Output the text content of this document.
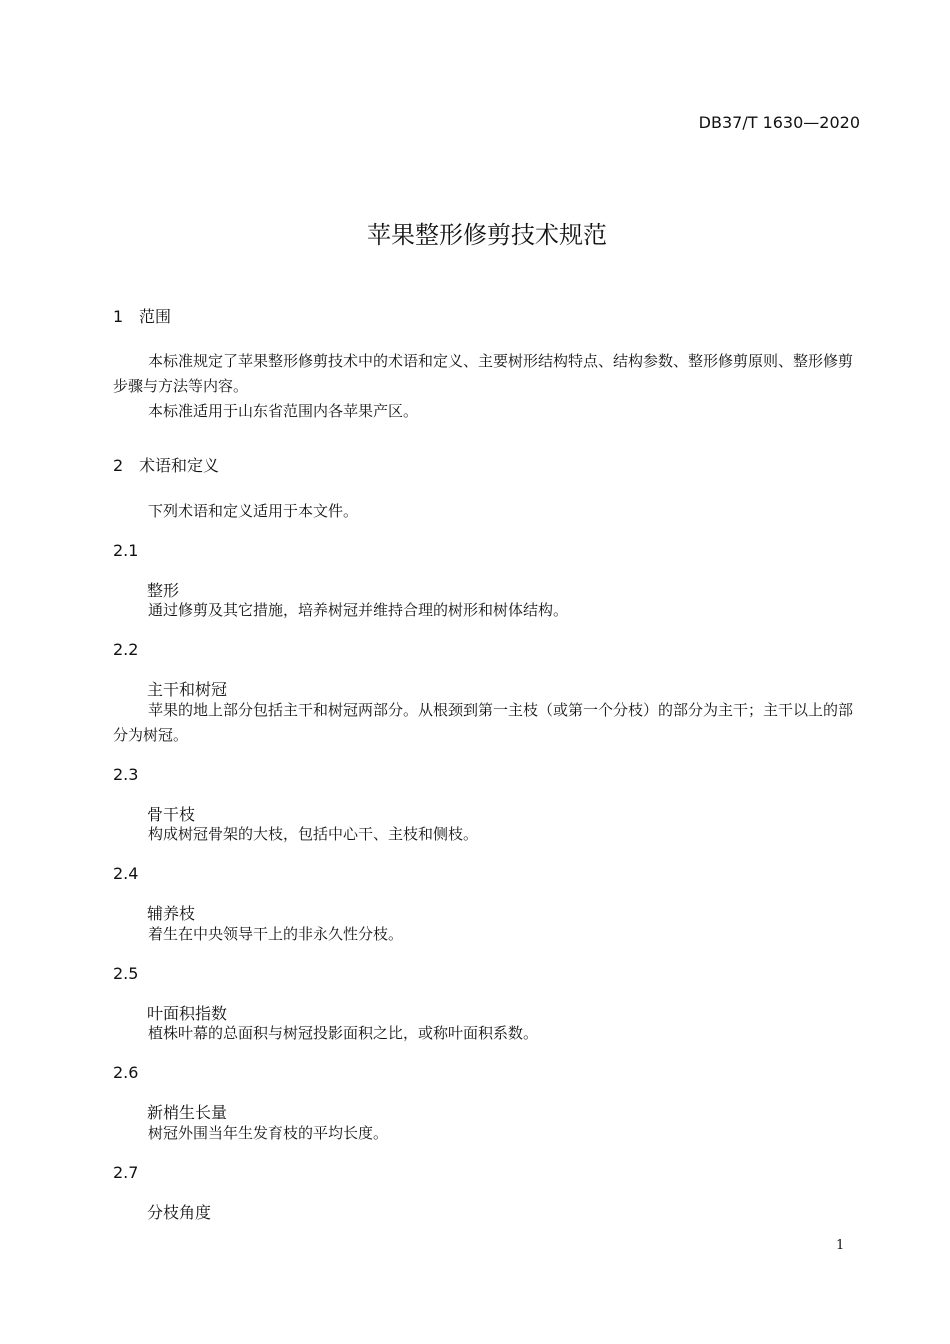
DB37/T 1630—2020
苹果整形修剪技术规范
1 范围
本标准规定了苹果整形修剪技术中的术语和定义、主要树形结构特点、结构参数、整形修剪原则、整形修剪步骤与方法等内容。
本标准适用于山东省范围内各苹果产区。
2 术语和定义
下列术语和定义适用于本文件。
2.1
整形
通过修剪及其它措施，培养树冠并维持合理的树形和树体结构。
2.2
主干和树冠
苹果的地上部分包括主干和树冠两部分。从根颈到第一主枝（或第一个分枝）的部分为主干；主干以上的部分为树冠。
2.3
骨干枝
构成树冠骨架的大枝，包括中心干、主枝和侧枝。
2.4
辅养枝
着生在中央领导干上的非永久性分枝。
2.5
叶面积指数
植株叶幕的总面积与树冠投影面积之比，或称叶面积系数。
2.6
新梢生长量
树冠外围当年生发育枝的平均长度。
2.7
分枝角度
1
